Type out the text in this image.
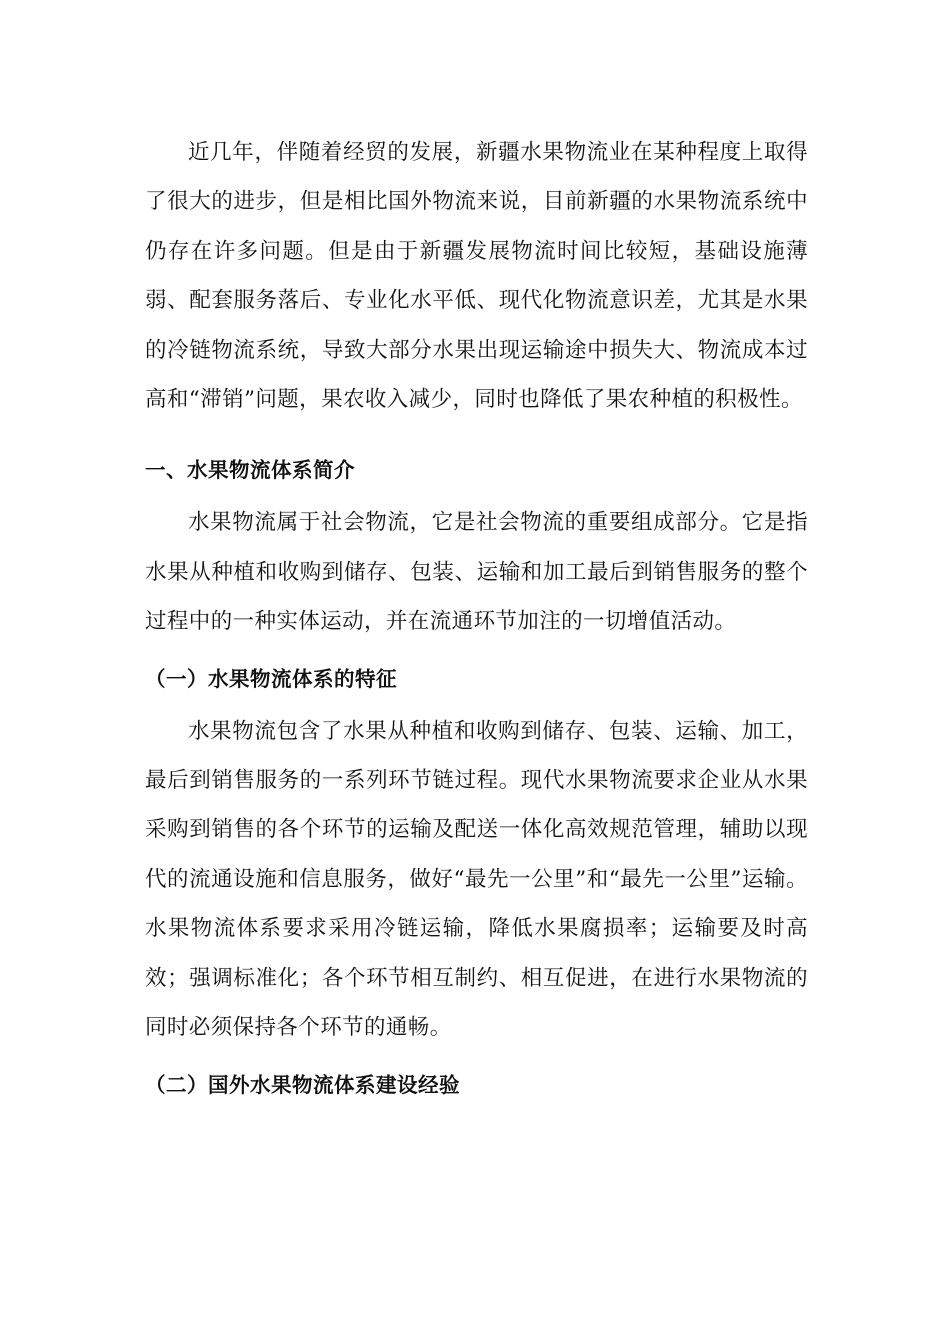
近几年，伴随着经贸的发展，新疆水果物流业在某种程度上取得了很大的进步，但是相比国外物流来说，目前新疆的水果物流系统中仍存在许多问题。但是由于新疆发展物流时间比较短，基础设施薄弱、配套服务落后、专业化水平低、现代化物流意识差，尤其是水果的冷链物流系统，导致大部分水果出现运输途中损失大、物流成本过高和“滞销”问题，果农收入减少，同时也降低了果农种植的积极性。

一、水果物流体系简介

水果物流属于社会物流，它是社会物流的重要组成部分。它是指水果从种植和收购到储存、包装、运输和加工最后到销售服务的整个过程中的一种实体运动，并在流通环节加注的一切增值活动。

（一）水果物流体系的特征

水果物流包含了水果从种植和收购到储存、包装、运输、加工，最后到销售服务的一系列环节链过程。现代水果物流要求企业从水果采购到销售的各个环节的运输及配送一体化高效规范管理，辅助以现代的流通设施和信息服务，做好“最先一公里”和“最先一公里”运输。水果物流体系要求采用冷链运输，降低水果腐损率；运输要及时高效；强调标准化；各个环节相互制约、相互促进，在进行水果物流的同时必须保持各个环节的通畅。

（二）国外水果物流体系建设经验
